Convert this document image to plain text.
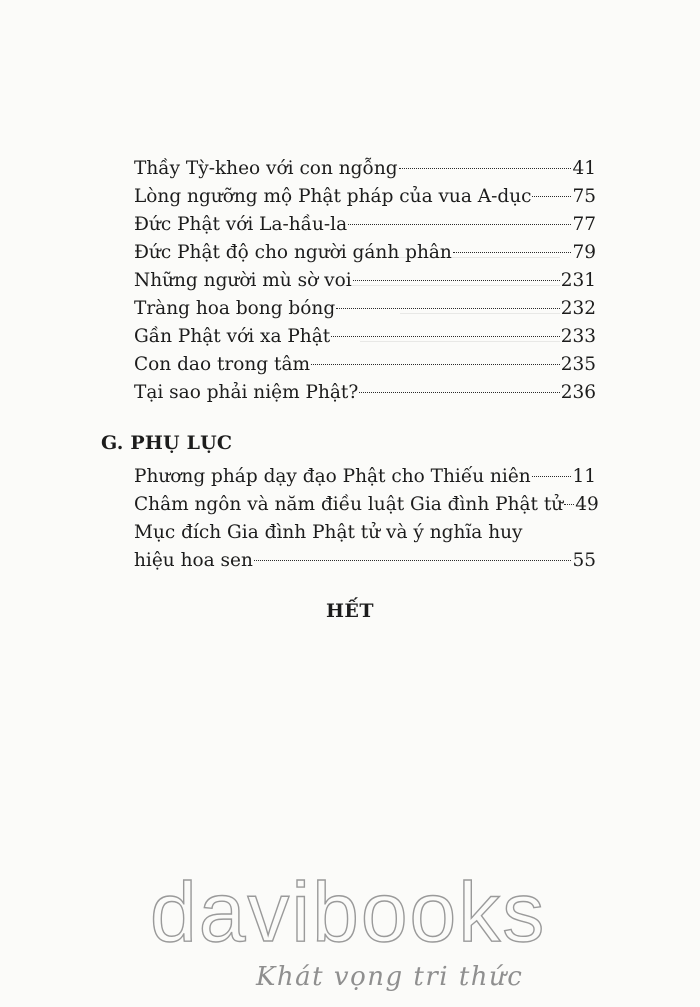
Thầy Tỳ-kheo với con ngỗng	41
Lòng ngưỡng mộ Phật pháp của vua A-dục 75
Đức Phật với La-hầu-la	77
Đức Phật độ cho người gánh phân	79
Những người mù sờ voi	231
Tràng hoa bong bóng	232
Gần Phật với xa Phật	233
Con dao trong tâm	235
Tại sao phải niệm Phật?	236
G. PHỤ LỤC
Phương pháp dạy đạo Phật cho Thiếu niên 11
Châm ngôn và năm điều luật Gia đình Phật tử 49
Mục đích Gia đình Phật tử và ý nghĩa huy
hiệu hoa sen	55
HẾT
davibooks
Khát vọng tri thức
